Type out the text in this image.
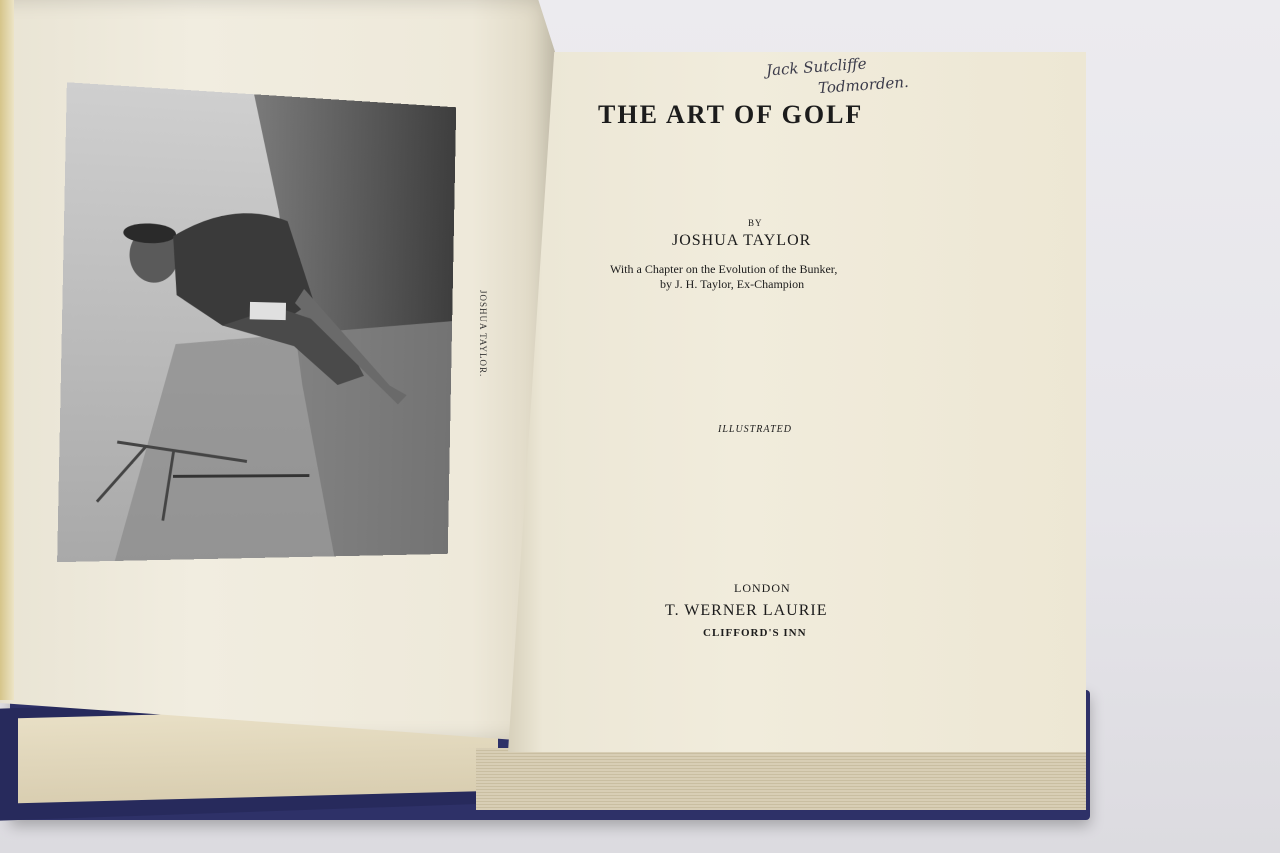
JOSHUA TAYLOR.
Jack Sutcliffe
Todmorden.
THE ART OF GOLF
BY
JOSHUA TAYLOR
With a Chapter on the Evolution of the Bunker,
by J. H. Taylor, Ex-Champion
ILLUSTRATED
LONDON
T. WERNER LAURIE
CLIFFORD'S INN
